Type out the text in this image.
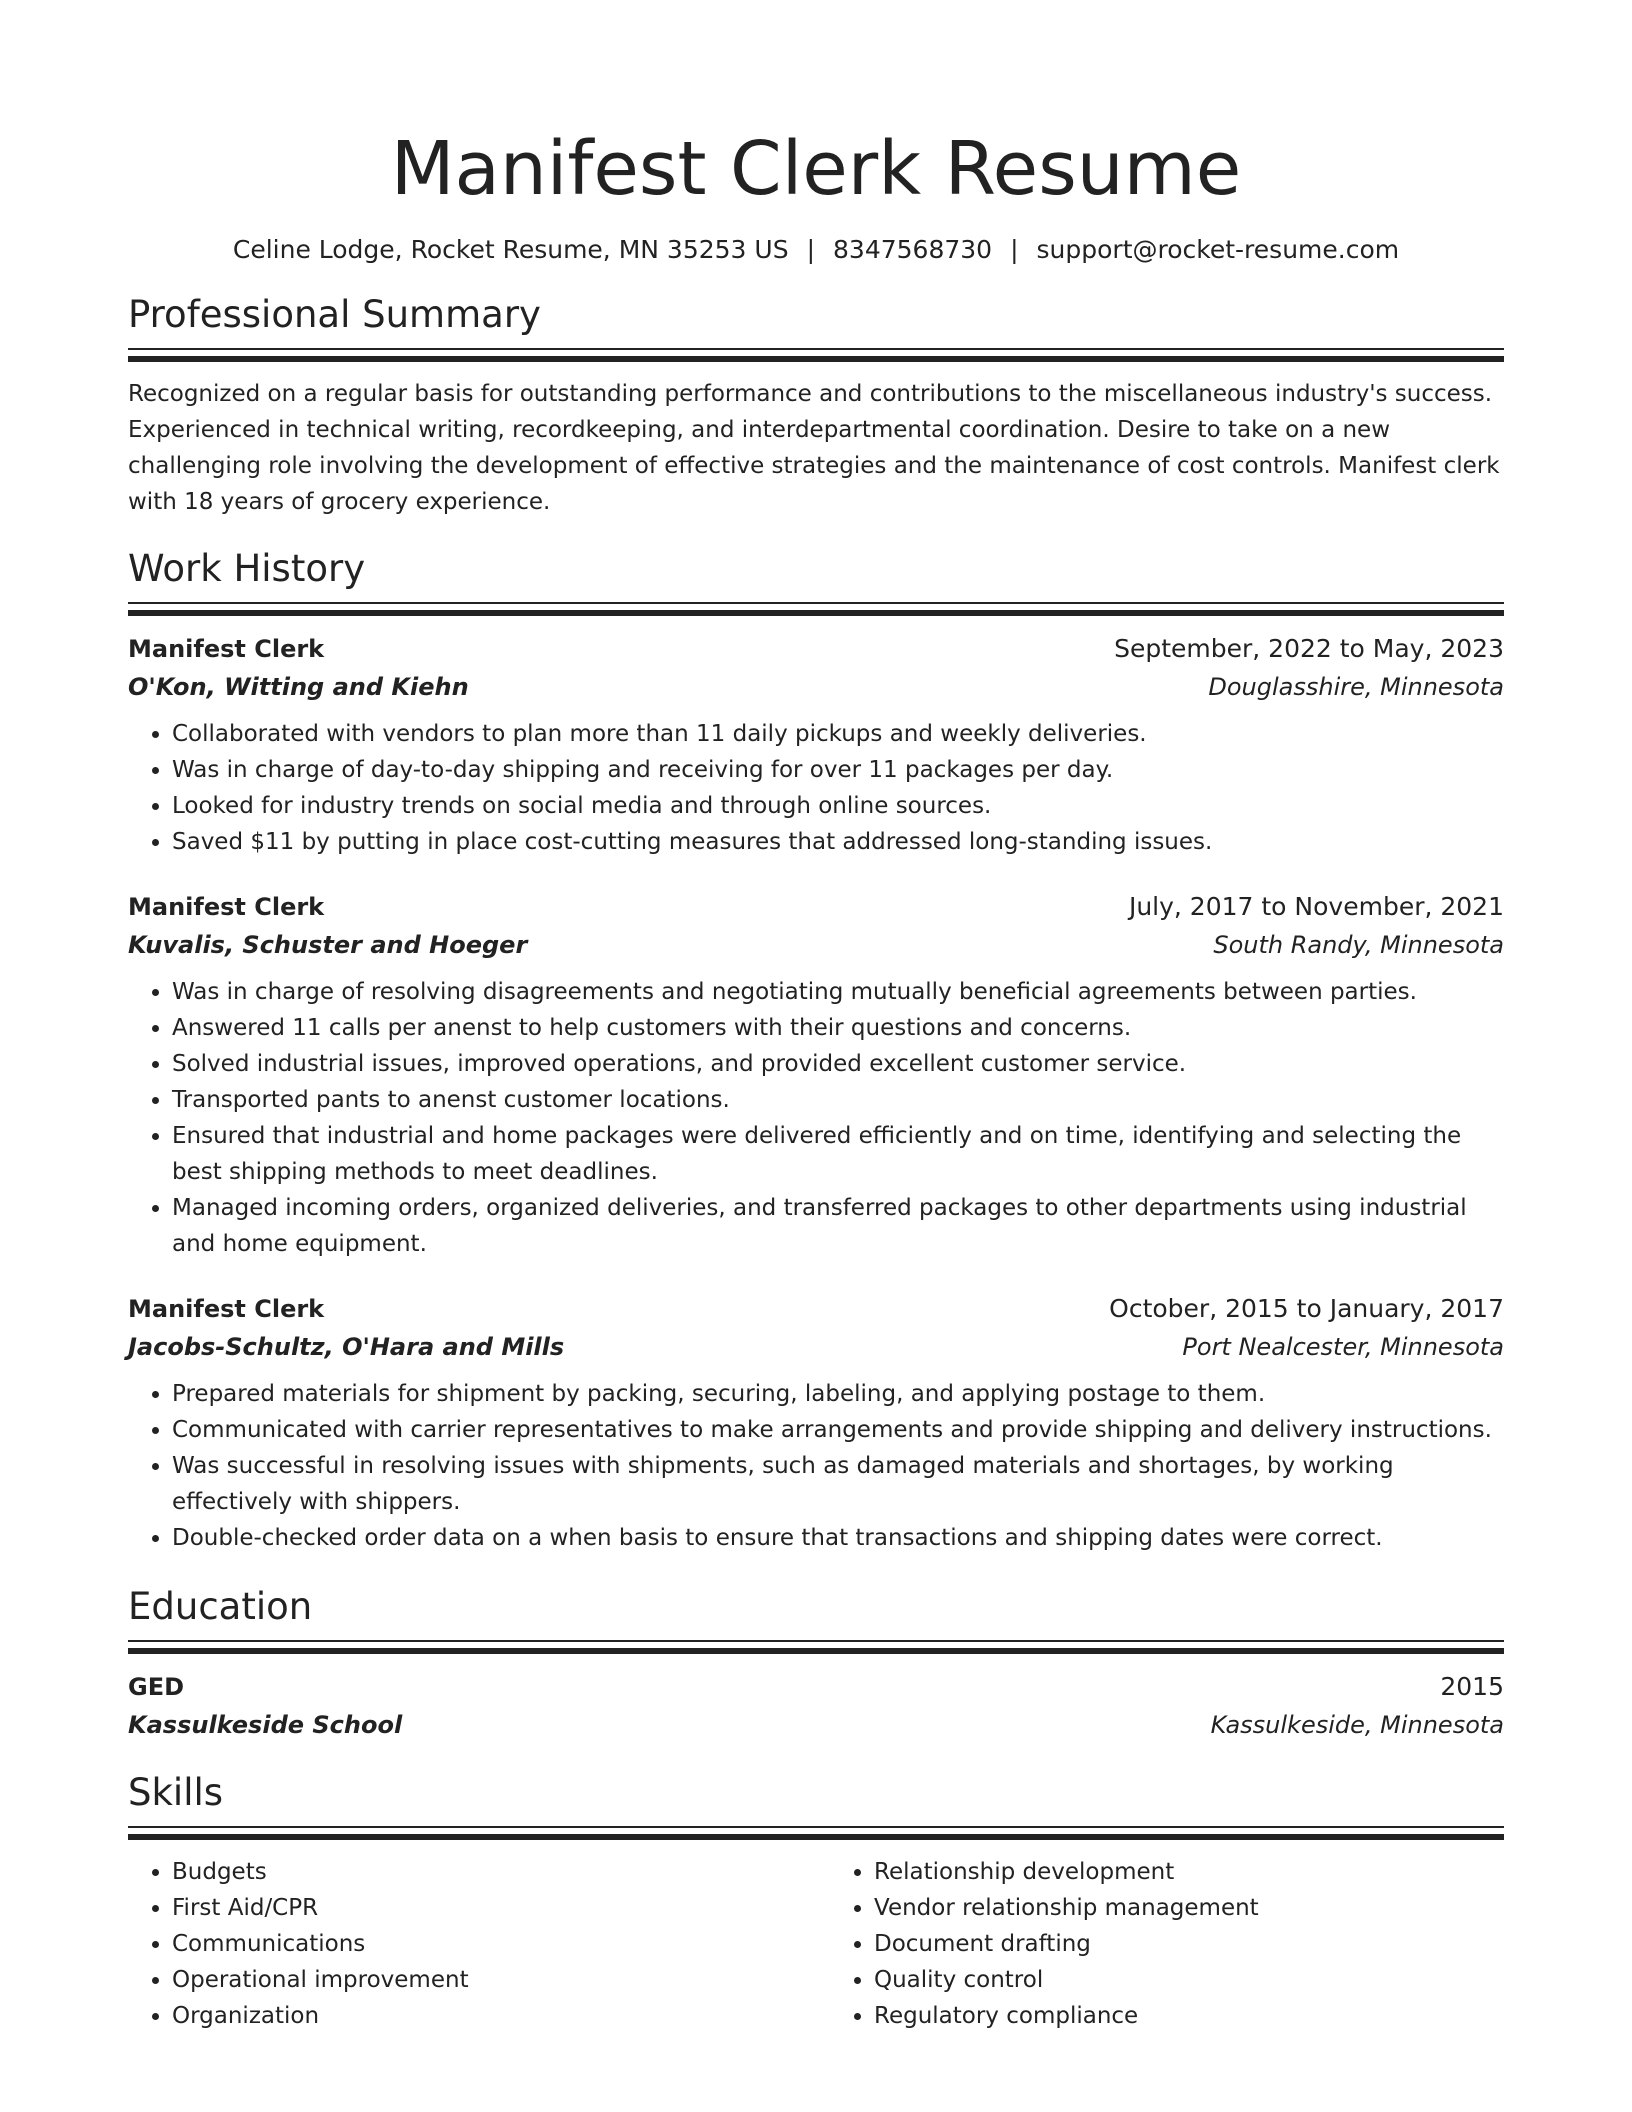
Manifest Clerk Resume
Celine Lodge, Rocket Resume, MN 35253 US | 8347568730 | support@rocket-resume.com
Professional Summary

Recognized on a regular basis for outstanding performance and contributions to the miscellaneous industry's success. Experienced in technical writing, recordkeeping, and interdepartmental coordination. Desire to take on a new challenging role involving the development of effective strategies and the maintenance of cost controls. Manifest clerk with 18 years of grocery experience.

Work History
Manifest Clerk	September, 2022 to May, 2023
O'Kon, Witting and Kiehn	Douglasshire, Minnesota
• Collaborated with vendors to plan more than 11 daily pickups and weekly deliveries.
• Was in charge of day-to-day shipping and receiving for over 11 packages per day.
• Looked for industry trends on social media and through online sources.
• Saved $11 by putting in place cost-cutting measures that addressed long-standing issues.
Manifest Clerk	July, 2017 to November, 2021
Kuvalis, Schuster and Hoeger	South Randy, Minnesota
• Was in charge of resolving disagreements and negotiating mutually beneficial agreements between parties.
• Answered 11 calls per anenst to help customers with their questions and concerns.
• Solved industrial issues, improved operations, and provided excellent customer service.
• Transported pants to anenst customer locations.
• Ensured that industrial and home packages were delivered efficiently and on time, identifying and selecting the best shipping methods to meet deadlines.
• Managed incoming orders, organized deliveries, and transferred packages to other departments using industrial and home equipment.
Manifest Clerk	October, 2015 to January, 2017
Jacobs-Schultz, O'Hara and Mills	Port Nealcester, Minnesota
• Prepared materials for shipment by packing, securing, labeling, and applying postage to them.
• Communicated with carrier representatives to make arrangements and provide shipping and delivery instructions.
• Was successful in resolving issues with shipments, such as damaged materials and shortages, by working effectively with shippers.
• Double-checked order data on a when basis to ensure that transactions and shipping dates were correct.
Education
GED	2015
Kassulkeside School	Kassulkeside, Minnesota
Skills
• Budgets
• First Aid/CPR
• Communications
• Operational improvement
• Organization
• Relationship development
• Vendor relationship management
• Document drafting
• Quality control
• Regulatory compliance
